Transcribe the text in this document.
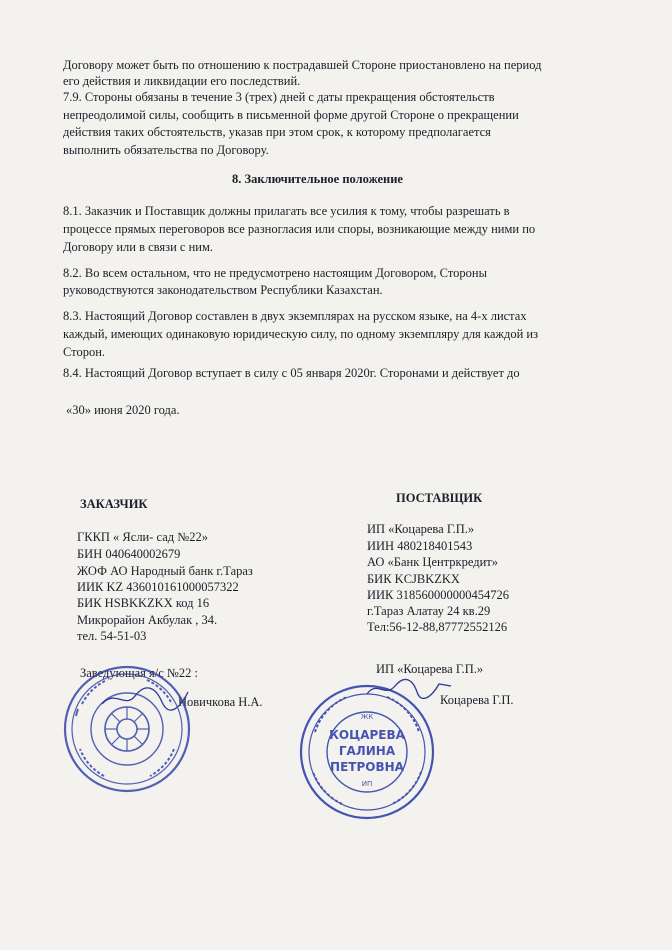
Договору может быть по отношению к пострадавшей Стороне приостановлено на период
его действия и ликвидации его последствий.
7.9. Стороны обязаны в течение 3 (трех) дней с даты прекращения обстоятельств
непреодолимой силы, сообщить в письменной форме другой Стороне о прекращении
действия таких обстоятельств, указав при этом срок, к которому предполагается
выполнить обязательства по Договору.
8. Заключительное положение
8.1. Заказчик и Поставщик должны прилагать все усилия к тому, чтобы разрешать в
процессе прямых переговоров все разногласия или споры, возникающие между ними по
Договору или в связи с ним.
8.2. Во всем остальном, что не предусмотрено настоящим Договором, Стороны
руководствуются законодательством Республики Казахстан.
8.3. Настоящий Договор составлен в двух экземплярах на русском языке, на 4-х листах
каждый, имеющих одинаковую юридическую силу, по одному экземпляру для каждой из
Сторон.
8.4. Настоящий Договор вступает в силу с 05 января 2020г. Сторонами и действует до
«30» июня 2020 года.
ЗАКАЗЧИК
ГККП « Ясли- сад №22»
БИН 040640002679
ЖОФ АО Народный банк г.Тараз
ИИК KZ 436010161000057322
БИК HSBKKZKX код 16
Микрорайон Акбулак , 34.
тел. 54-51-03
Заведующая я/с №22 :
Новичкова Н.А.
ПОСТАВЩИК
ИП «Коцарева Г.П.»
ИИН 480218401543
АО «Банк Центркредит»
БИК KCJBKZKX
ИИК 318560000000454726
г.Тараз Алатау 24 кв.29
Тел:56-12-88,87772552126
ИП «Коцарева Г.П.»
Коцарева Г.П.
ЖК
КОЦАРЕВА
ГАЛИНА
ПЕТРОВНА
ИП
